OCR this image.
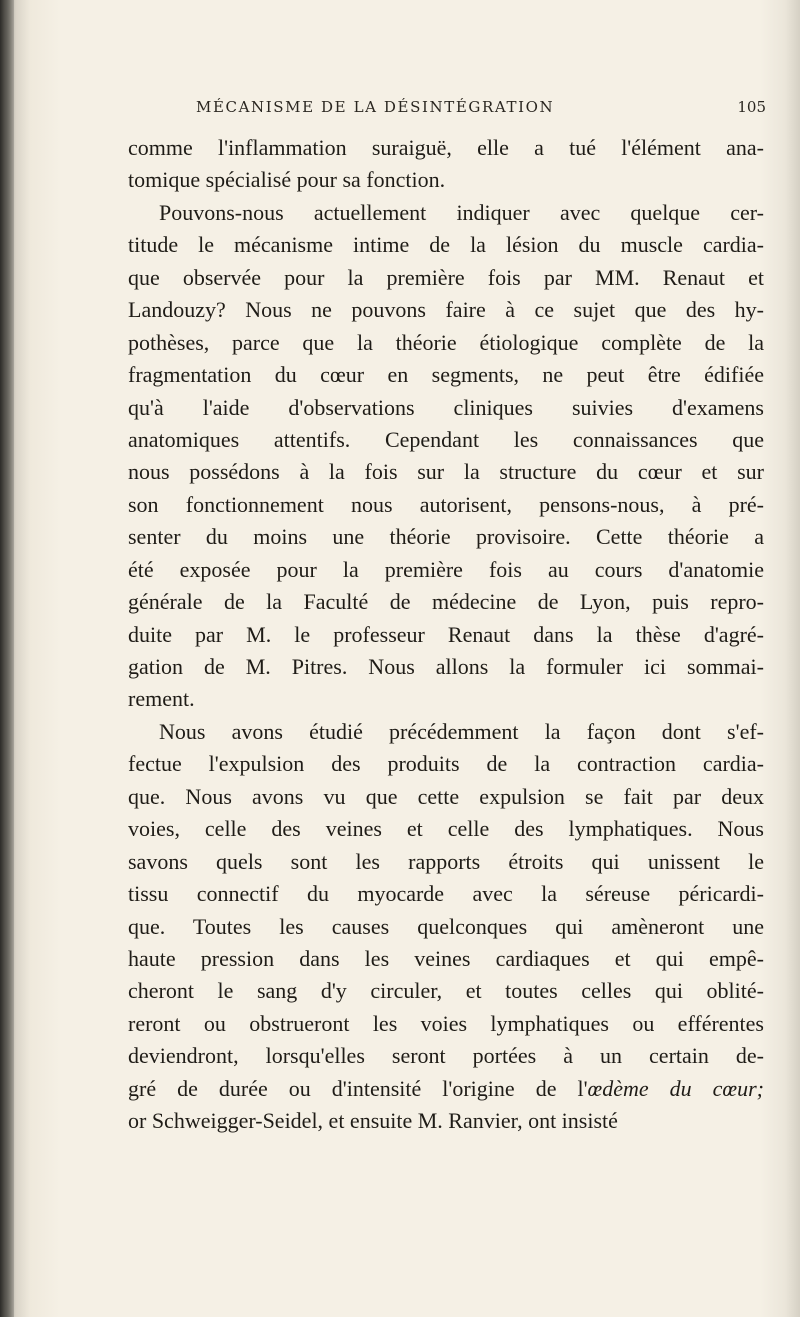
MÉCANISME DE LA DÉSINTÉGRATION	105
comme l'inflammation suraiguë, elle a tué l'élément ana-
tomique spécialisé pour sa fonction.
Pouvons-nous actuellement indiquer avec quelque cer-
titude le mécanisme intime de la lésion du muscle cardia-
que observée pour la première fois par MM. Renaut et
Landouzy? Nous ne pouvons faire à ce sujet que des hy-
pothèses, parce que la théorie étiologique complète de la
fragmentation du cœur en segments, ne peut être édifiée
qu'à l'aide d'observations cliniques suivies d'examens
anatomiques attentifs. Cependant les connaissances que
nous possédons à la fois sur la structure du cœur et sur
son fonctionnement nous autorisent, pensons-nous, à pré-
senter du moins une théorie provisoire. Cette théorie a
été exposée pour la première fois au cours d'anatomie
générale de la Faculté de médecine de Lyon, puis repro-
duite par M. le professeur Renaut dans la thèse d'agré-
gation de M. Pitres. Nous allons la formuler ici sommai-
rement.
Nous avons étudié précédemment la façon dont s'ef-
fectue l'expulsion des produits de la contraction cardia-
que. Nous avons vu que cette expulsion se fait par deux
voies, celle des veines et celle des lymphatiques. Nous
savons quels sont les rapports étroits qui unissent le
tissu connectif du myocarde avec la séreuse péricardi-
que. Toutes les causes quelconques qui amèneront une
haute pression dans les veines cardiaques et qui empê-
cheront le sang d'y circuler, et toutes celles qui oblité-
reront ou obstrueront les voies lymphatiques ou efférentes
deviendront, lorsqu'elles seront portées à un certain de-
gré de durée ou d'intensité l'origine de l'œdème du cœur;
or Schweigger-Seidel, et ensuite M. Ranvier, ont insisté
